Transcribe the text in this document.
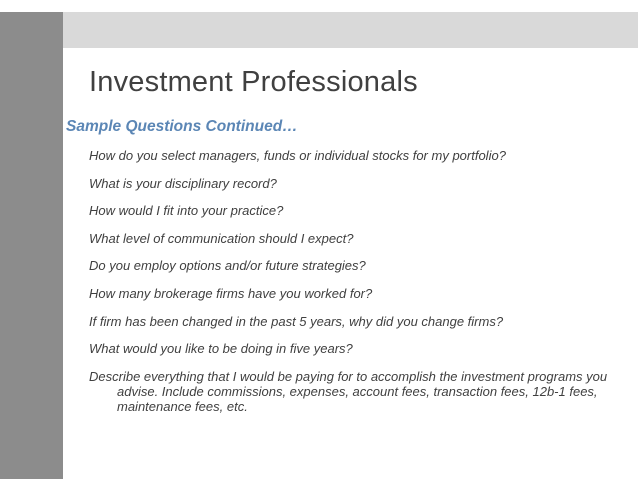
Investment Professionals
Sample Questions Continued…
How do you select managers, funds or individual stocks for my portfolio?
What is your disciplinary record?
How would I fit into your practice?
What level of communication should I expect?
Do you employ options and/or future strategies?
How many brokerage firms have you worked for?
If firm has been changed in the past 5 years, why did you change firms?
What would you like to be doing in five years?
Describe everything that I would be paying for to accomplish the investment programs you advise. Include commissions, expenses, account fees, transaction fees, 12b-1 fees, maintenance fees, etc.
